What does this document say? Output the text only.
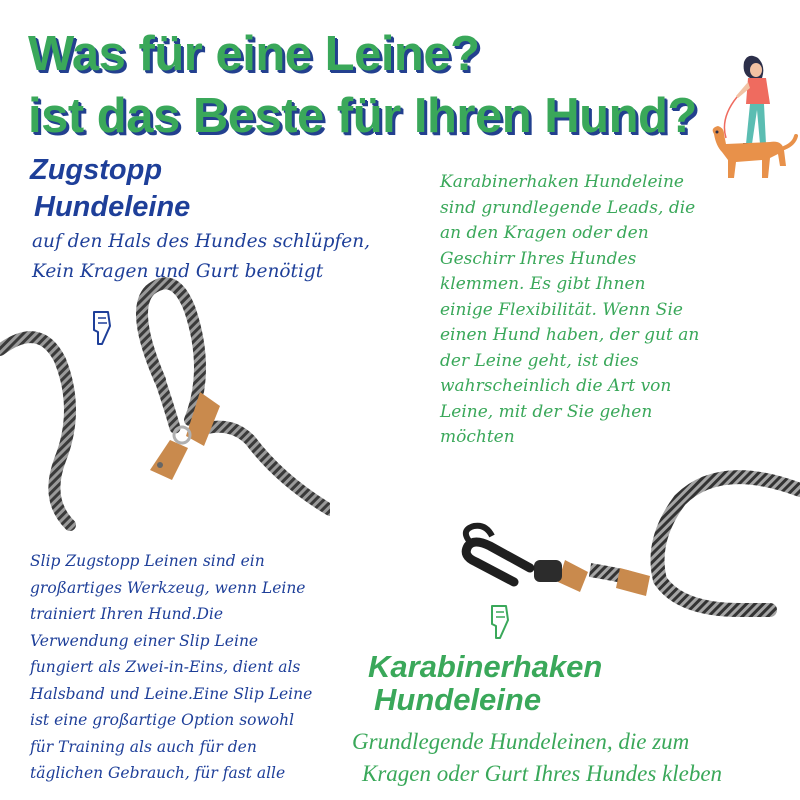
Was für eine Leine?
ist das Beste für Ihren Hund?
Zugstopp
Hundeleine
auf den Hals des Hundes schlüpfen,
Kein Kragen und Gurt benötigt

Karabinerhaken Hundeleine
sind grundlegende Leads, die
an den Kragen oder den
Geschirr Ihres Hundes
klemmen. Es gibt Ihnen
einige Flexibilität. Wenn Sie
einen Hund haben, der gut an
der Leine geht, ist dies
wahrscheinlich die Art von
Leine, mit der Sie gehen
möchten

Slip Zugstopp Leinen sind ein
großartiges Werkzeug, wenn Leine
trainiert Ihren Hund.Die
Verwendung einer Slip Leine
fungiert als Zwei-in-Eins, dient als
Halsband und Leine.Eine Slip Leine
ist eine großartige Option sowohl
für Training als auch für den
täglichen Gebrauch, für fast alle

Karabinerhaken
Hundeleine
Grundlegende Hundeleinen, die zum
Kragen oder Gurt Ihres Hundes kleben
